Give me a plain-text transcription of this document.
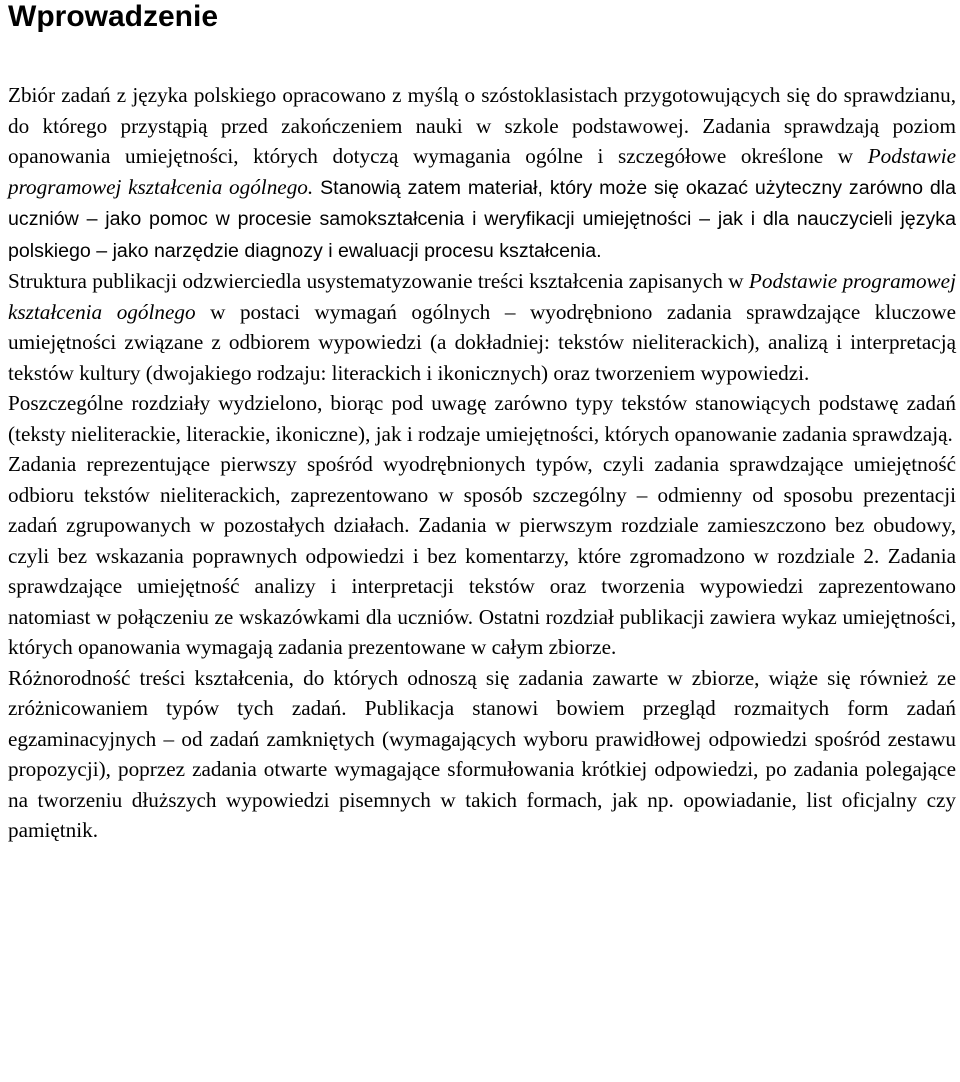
Wprowadzenie

Zbiór zadań z języka polskiego opracowano z myślą o szóstoklasistach przygotowujących się do sprawdzianu, do którego przystąpią przed zakończeniem nauki w szkole podstawowej. Zadania sprawdzają poziom opanowania umiejętności, których dotyczą wymagania ogólne i szczegółowe określone w Podstawie programowej kształcenia ogólnego. Stanowią zatem materiał, który może się okazać użyteczny zarówno dla uczniów – jako pomoc w procesie samokształcenia i weryfikacji umiejętności – jak i dla nauczycieli języka polskiego – jako narzędzie diagnozy i ewaluacji procesu kształcenia.

Struktura publikacji odzwierciedla usystematyzowanie treści kształcenia zapisanych w Podstawie programowej kształcenia ogólnego w postaci wymagań ogólnych – wyodrębniono zadania sprawdzające kluczowe umiejętności związane z odbiorem wypowiedzi (a dokładniej: tekstów nieliterackich), analizą i interpretacją tekstów kultury (dwojakiego rodzaju: literackich i ikonicznych) oraz tworzeniem wypowiedzi.

Poszczególne rozdziały wydzielono, biorąc pod uwagę zarówno typy tekstów stanowiących podstawę zadań (teksty nieliterackie, literackie, ikoniczne), jak i rodzaje umiejętności, których opanowanie zadania sprawdzają.

Zadania reprezentujące pierwszy spośród wyodrębnionych typów, czyli zadania sprawdzające umiejętność odbioru tekstów nieliterackich, zaprezentowano w sposób szczególny – odmienny od sposobu prezentacji zadań zgrupowanych w pozostałych działach. Zadania w pierwszym rozdziale zamieszczono bez obudowy, czyli bez wskazania poprawnych odpowiedzi i bez komentarzy, które zgromadzono w rozdziale 2. Zadania sprawdzające umiejętność analizy i interpretacji tekstów oraz tworzenia wypowiedzi zaprezentowano natomiast w połączeniu ze wskazówkami dla uczniów. Ostatni rozdział publikacji zawiera wykaz umiejętności, których opanowania wymagają zadania prezentowane w całym zbiorze.

Różnorodność treści kształcenia, do których odnoszą się zadania zawarte w zbiorze, wiąże się również ze zróżnicowaniem typów tych zadań. Publikacja stanowi bowiem przegląd rozmaitych form zadań egzaminacyjnych – od zadań zamkniętych (wymagających wyboru prawidłowej odpowiedzi spośród zestawu propozycji), poprzez zadania otwarte wymagające sformułowania krótkiej odpowiedzi, po zadania polegające na tworzeniu dłuższych wypowiedzi pisemnych w takich formach, jak np. opowiadanie, list oficjalny czy pamiętnik.
